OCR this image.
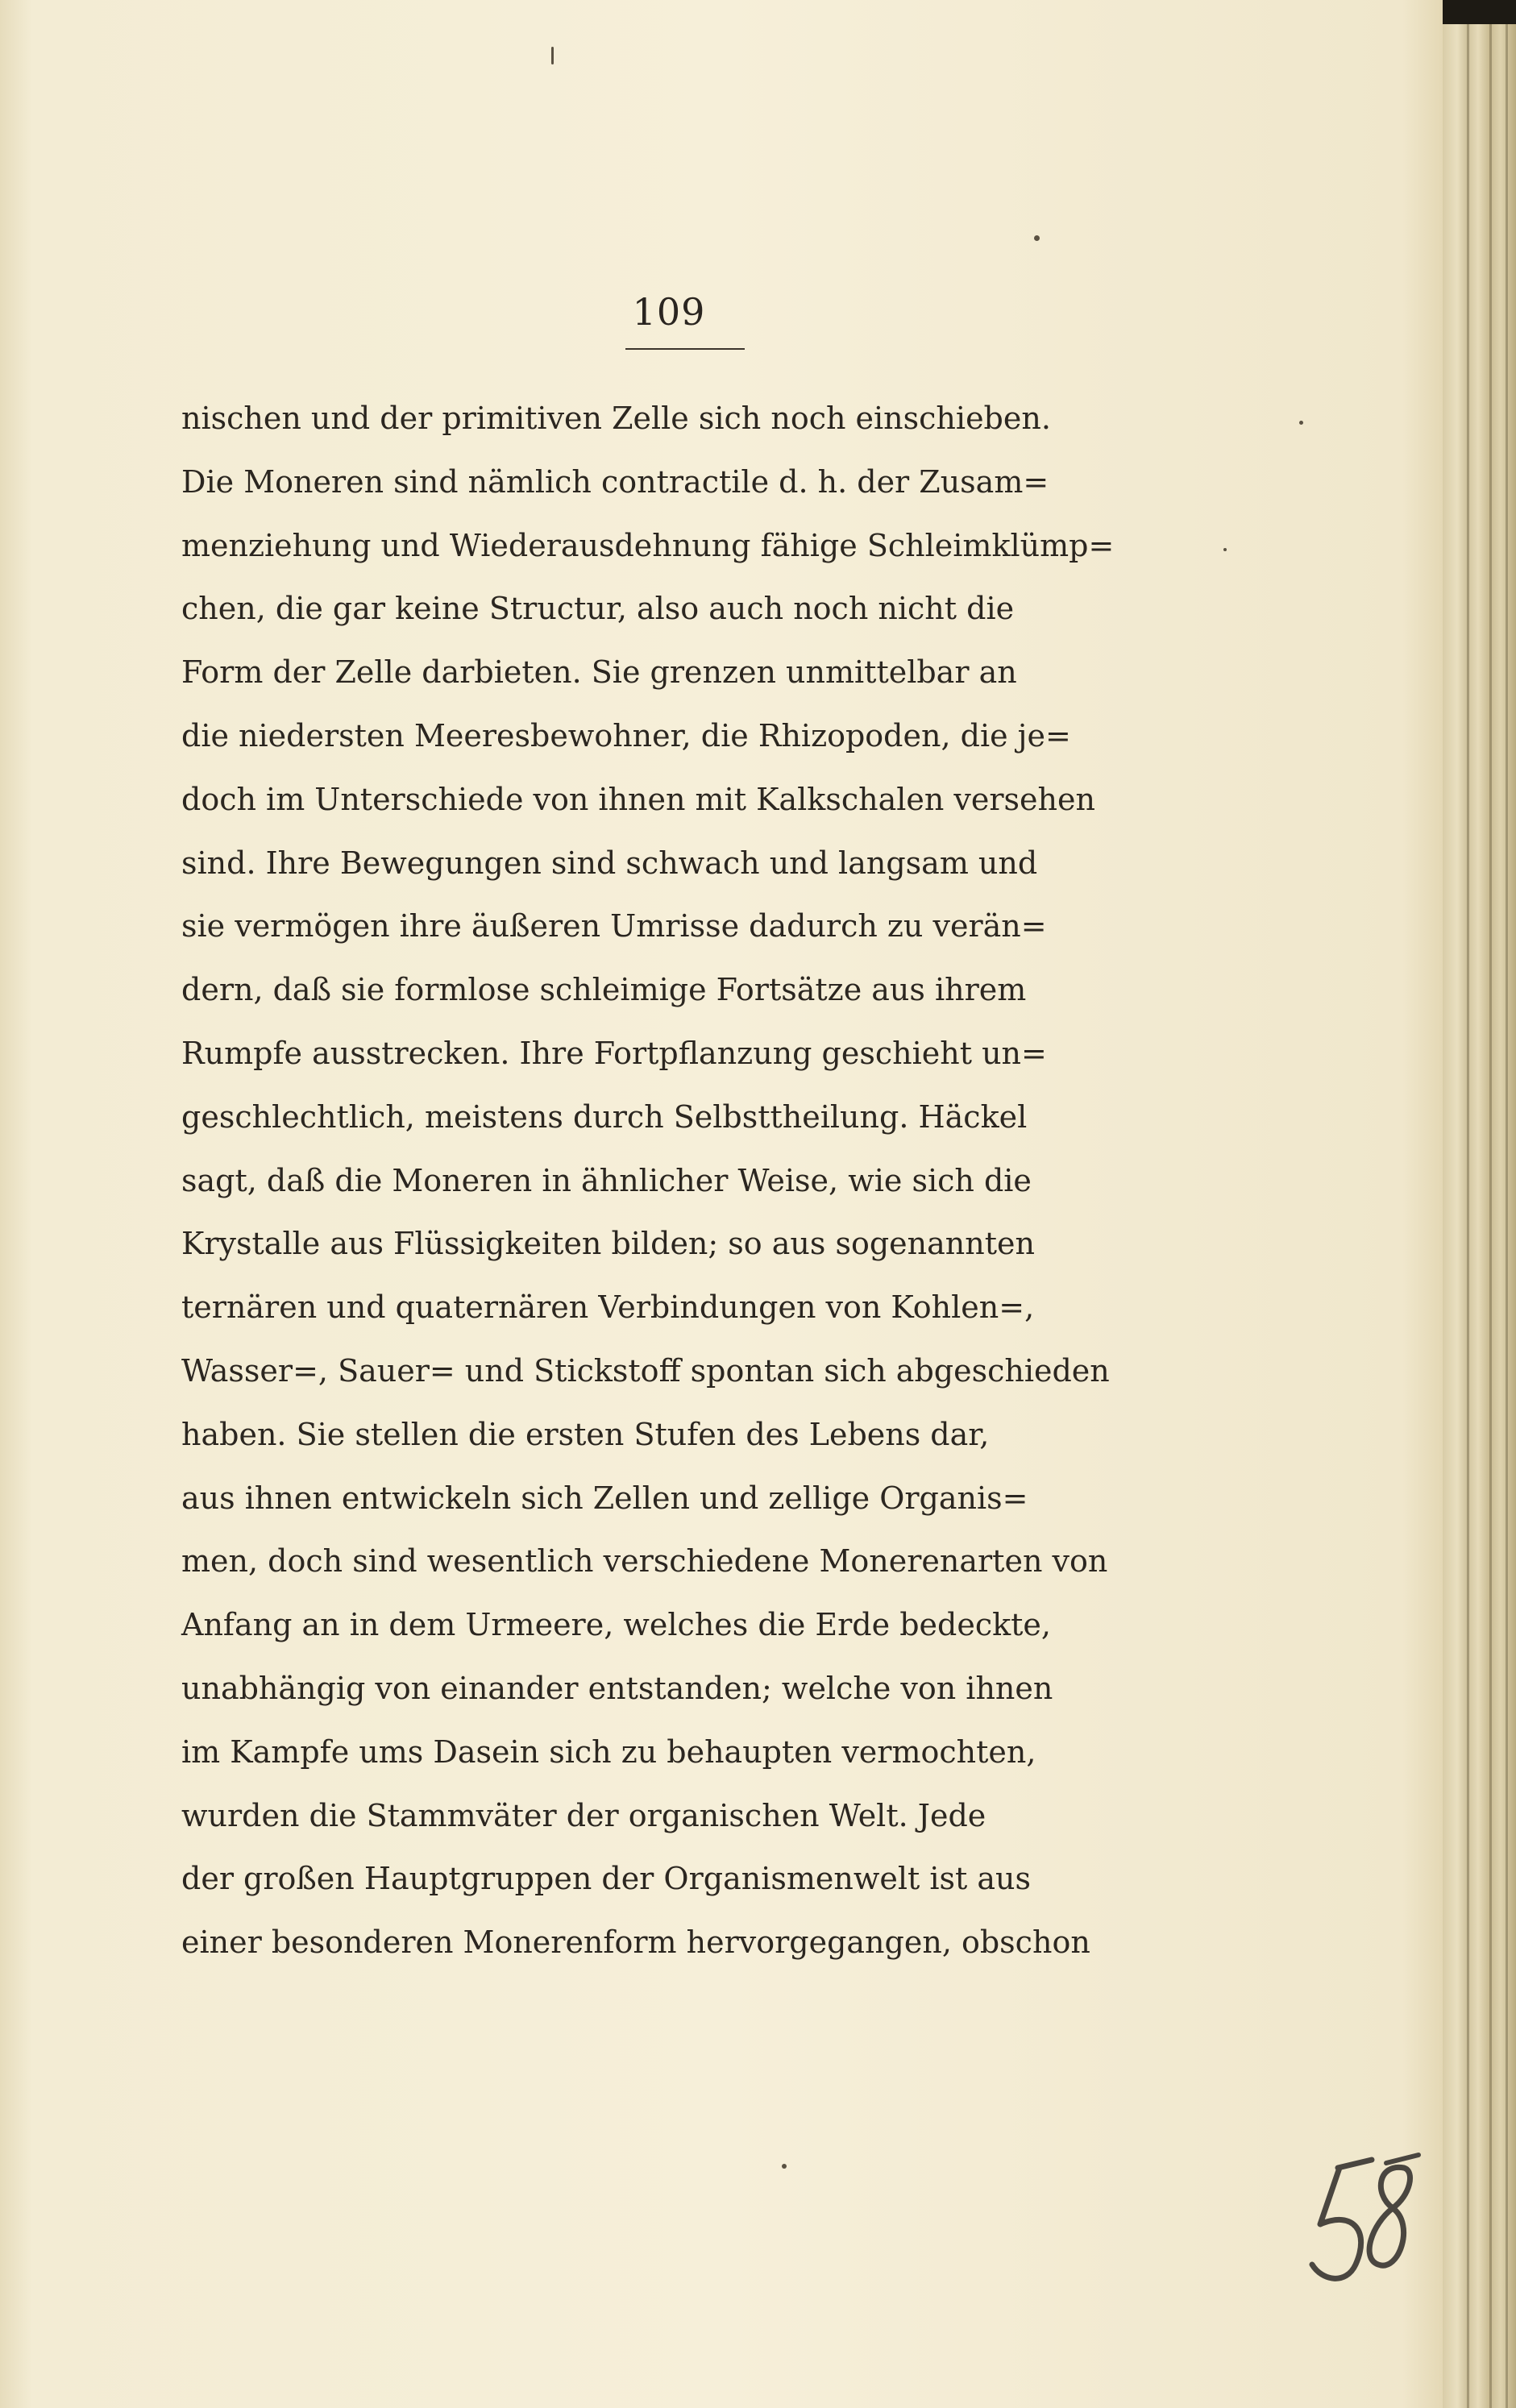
109
nischen und der primitiven Zelle sich noch einschieben.
Die Moneren sind nämlich contractile d. h. der Zusam=
menziehung und Wiederausdehnung fähige Schleimklümp=
chen, die gar keine Structur, also auch noch nicht die
Form der Zelle darbieten. Sie grenzen unmittelbar an
die niedersten Meeresbewohner, die Rhizopoden, die je=
doch im Unterschiede von ihnen mit Kalkschalen versehen
sind. Ihre Bewegungen sind schwach und langsam und
sie vermögen ihre äußeren Umrisse dadurch zu verän=
dern, daß sie formlose schleimige Fortsätze aus ihrem
Rumpfe ausstrecken. Ihre Fortpflanzung geschieht un=
geschlechtlich, meistens durch Selbsttheilung. Häckel
sagt, daß die Moneren in ähnlicher Weise, wie sich die
Krystalle aus Flüssigkeiten bilden; so aus sogenannten
ternären und quaternären Verbindungen von Kohlen=,
Wasser=, Sauer= und Stickstoff spontan sich abgeschieden
haben. Sie stellen die ersten Stufen des Lebens dar,
aus ihnen entwickeln sich Zellen und zellige Organis=
men, doch sind wesentlich verschiedene Monerenarten von
Anfang an in dem Urmeere, welches die Erde bedeckte,
unabhängig von einander entstanden; welche von ihnen
im Kampfe ums Dasein sich zu behaupten vermochten,
wurden die Stammväter der organischen Welt. Jede
der großen Hauptgruppen der Organismenwelt ist aus
einer besonderen Monerenform hervorgegangen, obschon
